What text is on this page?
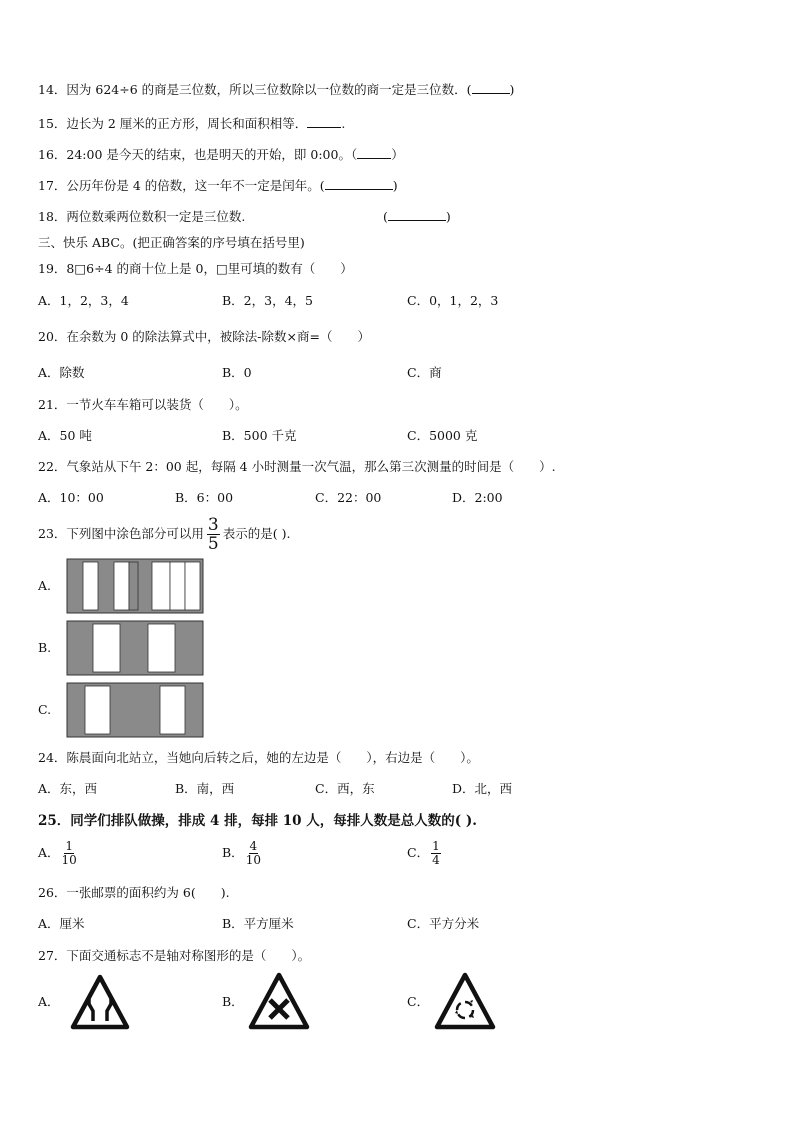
14．因为 624÷6 的商是三位数，所以三位数除以一位数的商一定是三位数．(	)
15．边长为 2 厘米的正方形，周长和面积相等．	.
16．24:00 是今天的结束，也是明天的开始，即 0:00。（	）
17．公历年份是 4 的倍数，这一年不一定是闰年。(	)
18．两位数乘两位数积一定是三位数.	(	)
三、快乐 ABC。(把正确答案的序号填在括号里)
19．8□6÷4 的商十位上是 0，□里可填的数有（　　）
A．1，2，3，4	B．2，3，4，5	C．0，1，2，3
20．在余数为 0 的除法算式中，被除法-除数×商=（　　）
A．除数	B．0	C．商
21．一节火车车箱可以装货（　　）。
A．50 吨	B．500 千克	C．5000 克
22．气象站从下午 2：00 起，每隔 4 小时测量一次气温，那么第三次测量的时间是（　　）.
A．10：00	B．6：00	C．22：00	D．2:00
23．下列图中涂色部分可以用 $\frac{3}{5}$ 表示的是( ).
A.
B.
C.
24．陈晨面向北站立，当她向后转之后，她的左边是（　　），右边是（　　）。
A．东，西	B．南，西	C．西，东	D．北，西
25．同学们排队做操，排成 4 排，每排 10 人，每排人数是总人数的( ).
A． $\frac{1}{10}$	B． $\frac{4}{10}$	C． $\frac{1}{4}$
26．一张邮票的面积约为 6(　　).
A．厘米	B．平方厘米	C．平方分米
27．下面交通标志不是轴对称图形的是（　　）。
A．	B．	C．
